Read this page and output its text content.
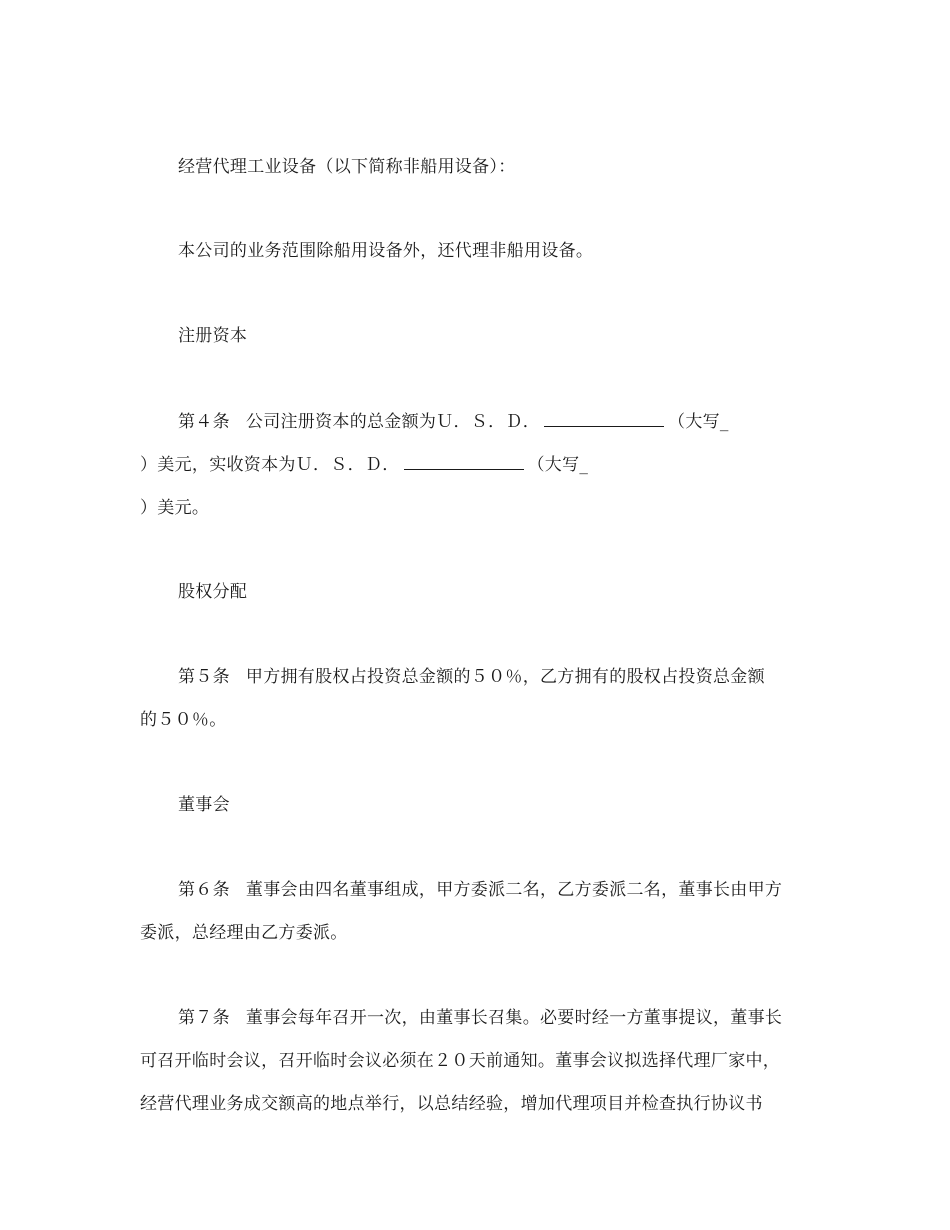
经营代理工业设备（以下简称非船用设备）：
本公司的业务范围除船用设备外，还代理非船用设备。
注册资本
第４条 公司注册资本的总金额为Ｕ．Ｓ．Ｄ．	（大写_
）美元，实收资本为Ｕ．Ｓ．Ｄ．	（大写_
）美元。
股权分配
第５条 甲方拥有股权占投资总金额的５０％，乙方拥有的股权占投资总金额
的５０％。
董事会
第６条 董事会由四名董事组成，甲方委派二名，乙方委派二名，董事长由甲方
委派，总经理由乙方委派。
第７条 董事会每年召开一次，由董事长召集。必要时经一方董事提议，董事长
可召开临时会议，召开临时会议必须在２０天前通知。董事会议拟选择代理厂家中，
经营代理业务成交额高的地点举行，以总结经验，增加代理项目并检查执行协议书
